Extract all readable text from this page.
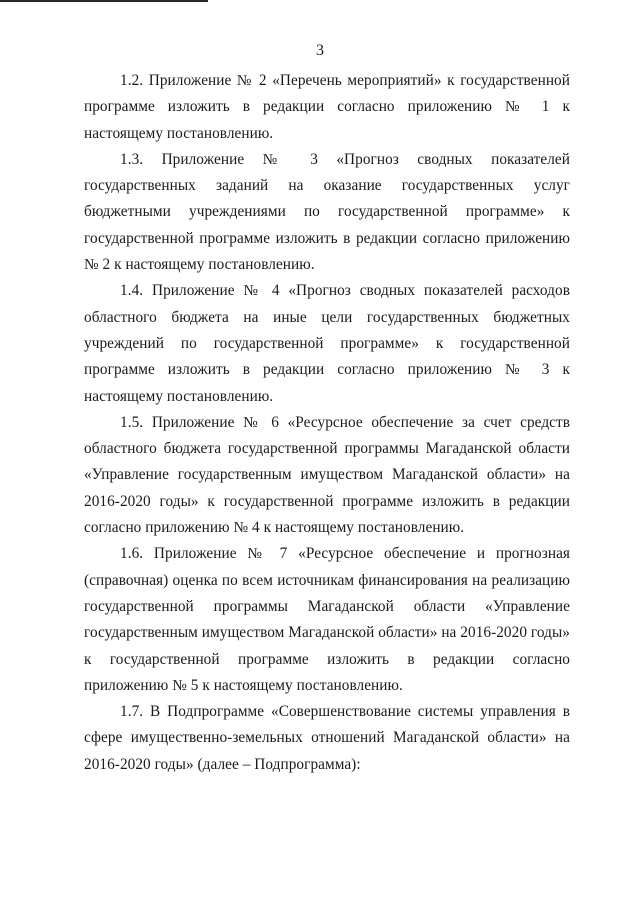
3

1.2. Приложение № 2 «Перечень мероприятий» к государственной программе изложить в редакции согласно приложению № 1 к настоящему постановлению.

1.3. Приложение № 3 «Прогноз сводных показателей государственных заданий на оказание государственных услуг бюджетными учреждениями по государственной программе» к государственной программе изложить в редакции согласно приложению № 2 к настоящему постановлению.

1.4. Приложение № 4 «Прогноз сводных показателей расходов областного бюджета на иные цели государственных бюджетных учреждений по государственной программе» к государственной программе изложить в редакции согласно приложению № 3 к настоящему постановлению.

1.5. Приложение № 6 «Ресурсное обеспечение за счет средств областного бюджета государственной программы Магаданской области «Управление государственным имуществом Магаданской области» на 2016-2020 годы» к государственной программе изложить в редакции согласно приложению № 4 к настоящему постановлению.

1.6. Приложение № 7 «Ресурсное обеспечение и прогнозная (справочная) оценка по всем источникам финансирования на реализацию государственной программы Магаданской области «Управление государственным имуществом Магаданской области» на 2016-2020 годы» к государственной программе изложить в редакции согласно приложению № 5 к настоящему постановлению.

1.7. В Подпрограмме «Совершенствование системы управления в сфере имущественно-земельных отношений Магаданской области» на 2016-2020 годы» (далее – Подпрограмма):
